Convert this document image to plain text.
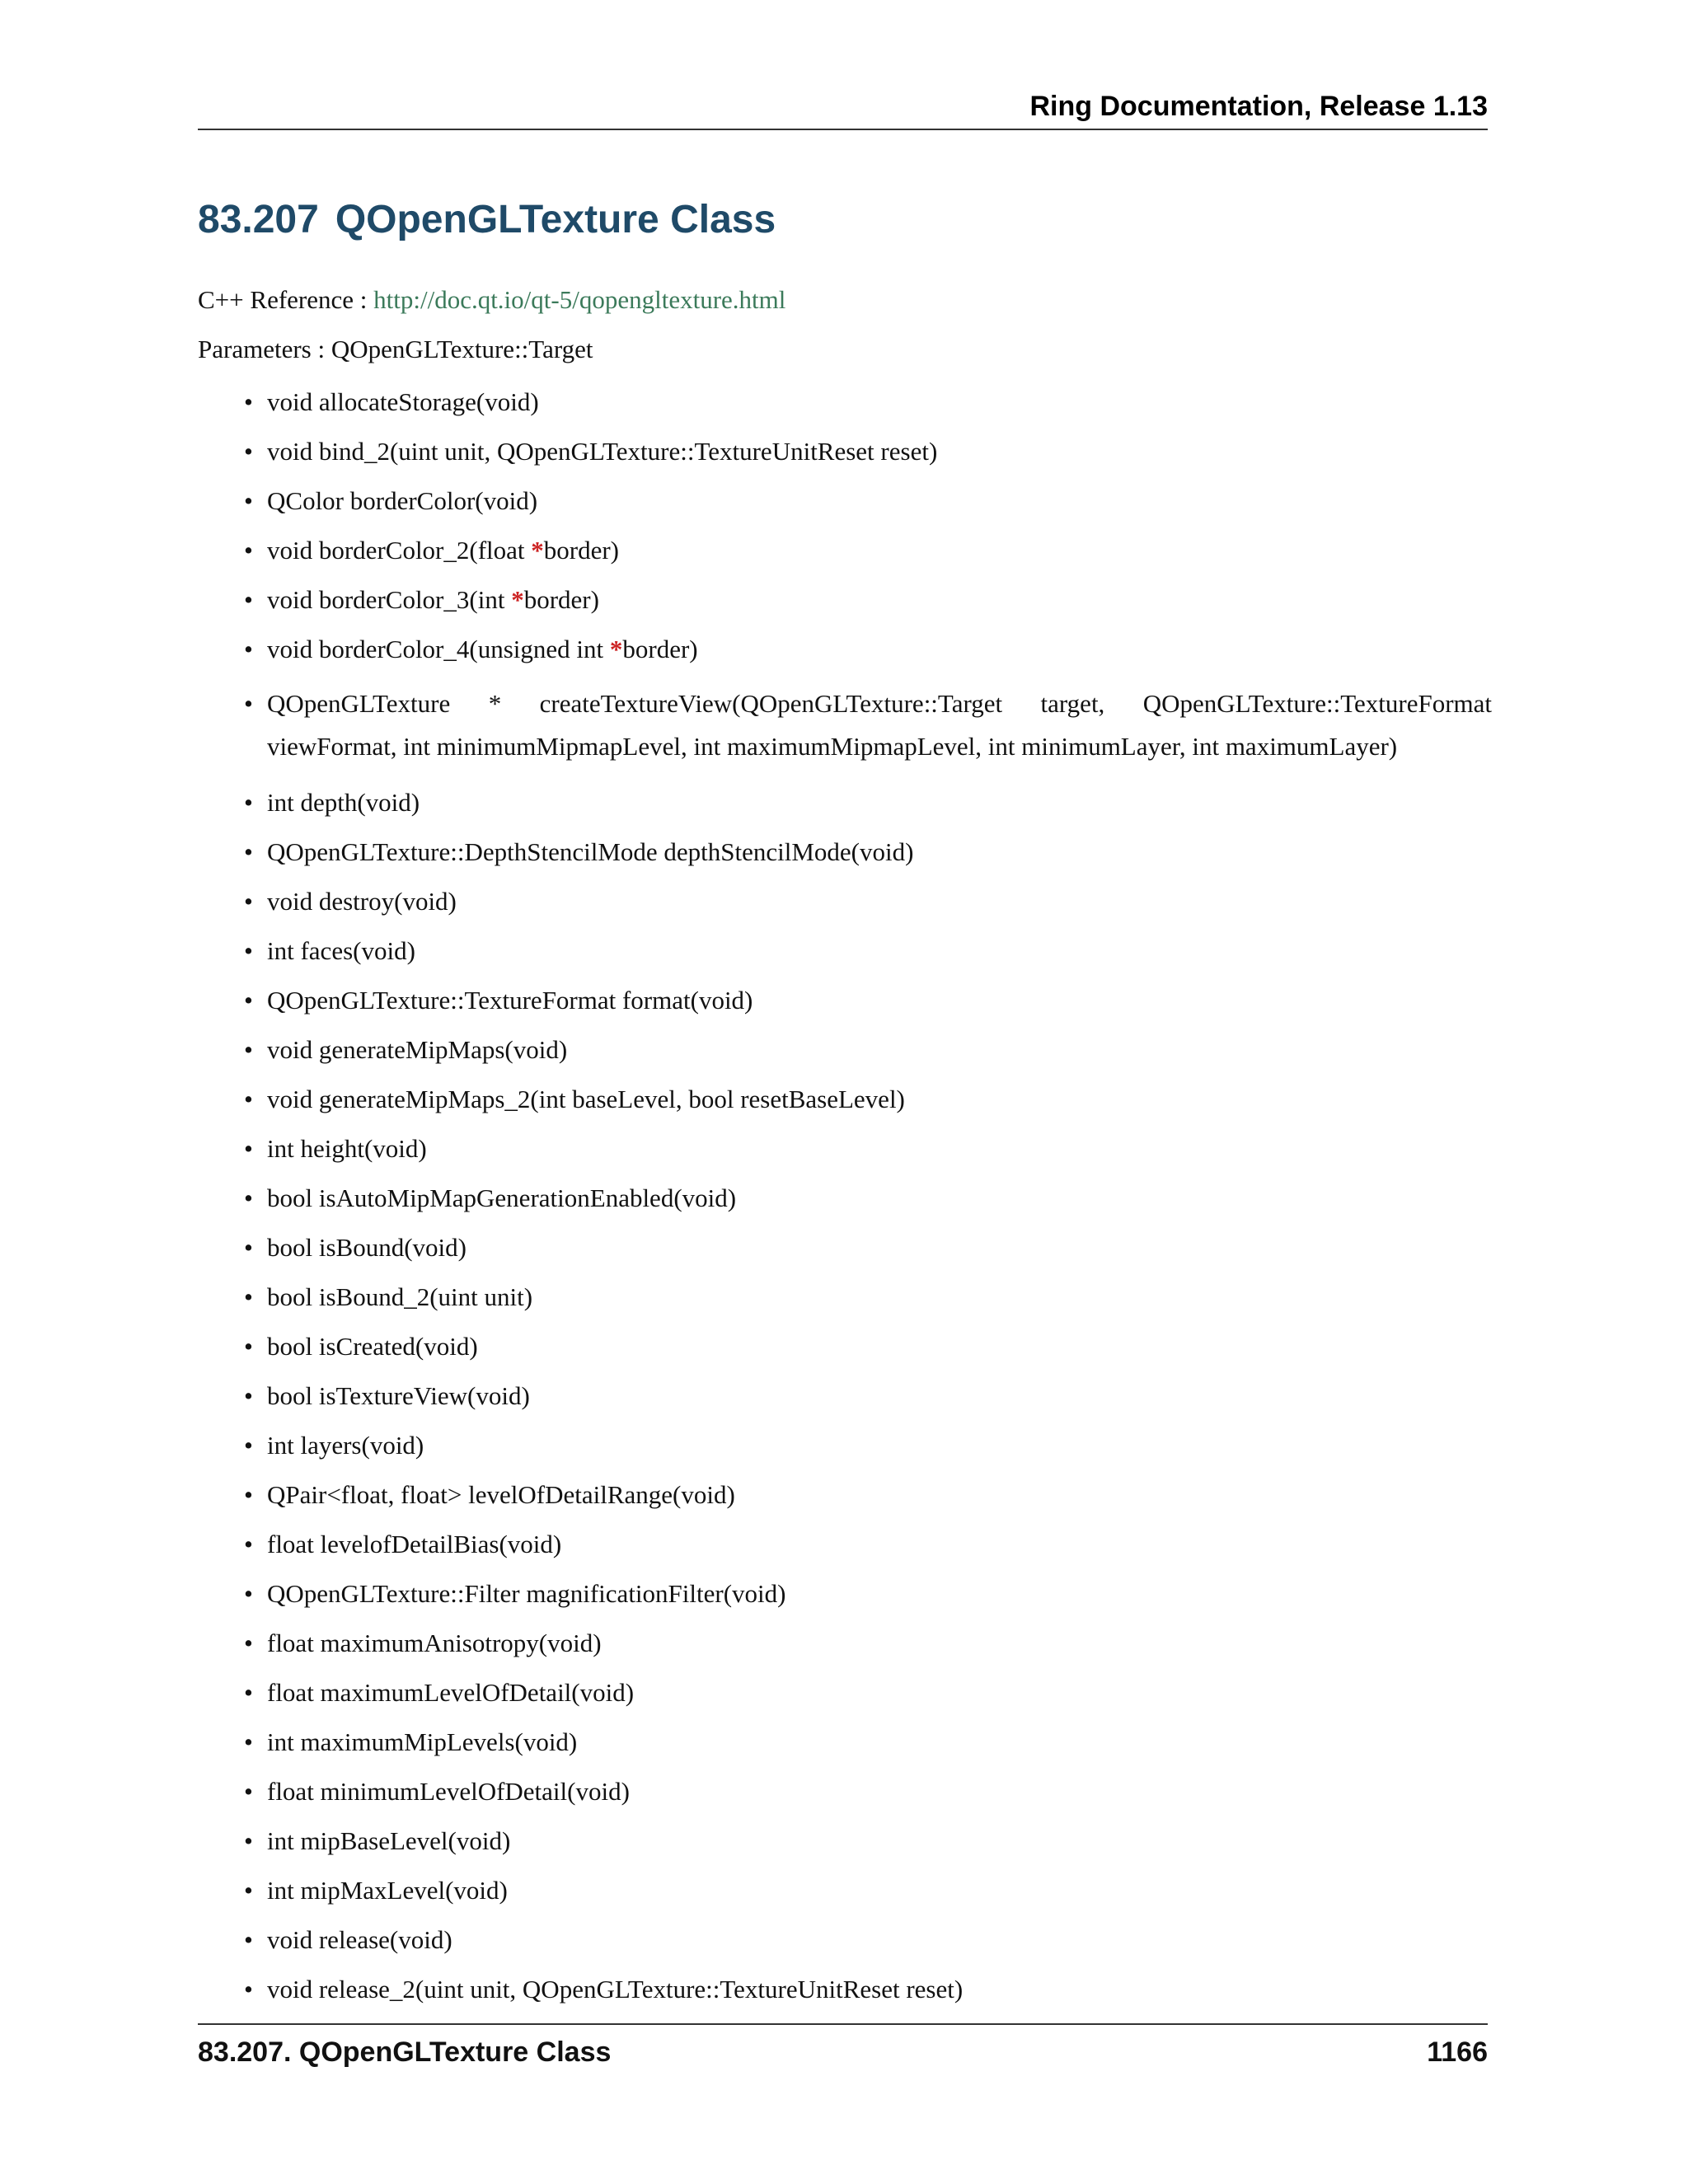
Ring Documentation, Release 1.13
83.207 QOpenGLTexture Class

C++ Reference : http://doc.qt.io/qt-5/qopengltexture.html

Parameters : QOpenGLTexture::Target

• void allocateStorage(void)
• void bind_2(uint unit, QOpenGLTexture::TextureUnitReset reset)
• QColor borderColor(void)
• void borderColor_2(float *border)
• void borderColor_3(int *border)
• void borderColor_4(unsigned int *border)
• QOpenGLTexture * createTextureView(QOpenGLTexture::Target target, QOpenGLTexture::TextureFormat viewFormat, int minimumMipmapLevel, int maximumMipmapLevel, int minimumLayer, int maximumLayer)
• int depth(void)
• QOpenGLTexture::DepthStencilMode depthStencilMode(void)
• void destroy(void)
• int faces(void)
• QOpenGLTexture::TextureFormat format(void)
• void generateMipMaps(void)
• void generateMipMaps_2(int baseLevel, bool resetBaseLevel)
• int height(void)
• bool isAutoMipMapGenerationEnabled(void)
• bool isBound(void)
• bool isBound_2(uint unit)
• bool isCreated(void)
• bool isTextureView(void)
• int layers(void)
• QPair<float, float> levelOfDetailRange(void)
• float levelofDetailBias(void)
• QOpenGLTexture::Filter magnificationFilter(void)
• float maximumAnisotropy(void)
• float maximumLevelOfDetail(void)
• int maximumMipLevels(void)
• float minimumLevelOfDetail(void)
• int mipBaseLevel(void)
• int mipMaxLevel(void)
• void release(void)
• void release_2(uint unit, QOpenGLTexture::TextureUnitReset reset)
83.207. QOpenGLTexture Class	1166
